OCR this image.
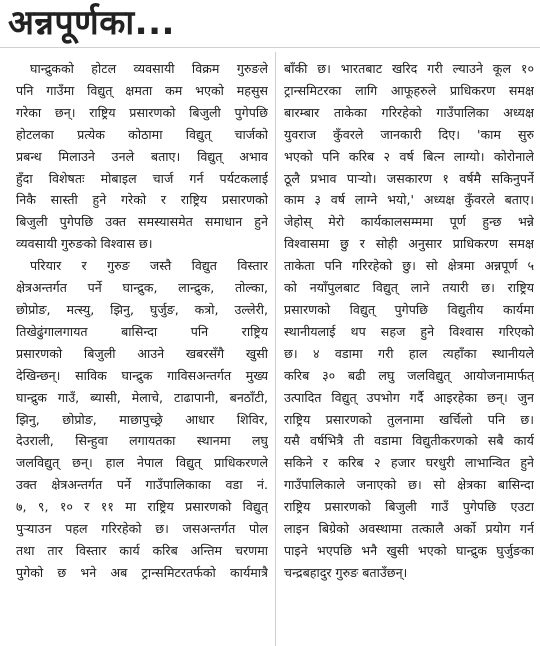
अन्नपूर्णका...
घान्द्रुकको होटल व्यवसायी विक्रम गुरुङले
पनि गाउँमा विद्युत् क्षमता कम भएको महसुस
गरेका छन्। राष्ट्रिय प्रसारणको बिजुली पुगेपछि
होटलका प्रत्येक कोठामा विद्युत् चार्जको
प्रबन्ध मिलाउने उनले बताए। विद्युत् अभाव
हुँदा विशेषतः मोबाइल चार्ज गर्न पर्यटकलाई
निकै सास्ती हुने गरेको र राष्ट्रिय प्रसारणको
बिजुली पुगेपछि उक्त समस्यासमेत समाधान हुने
व्यवसायी गुरुङको विश्वास छ।
परियार र गुरुङ जस्तै विद्युत विस्तार
क्षेत्रअन्तर्गत पर्ने घान्द्रुक, लान्द्रुक, तोल्का,
छोप्रोङ, मत्स्यु, झिनु, घुर्जुङ, कत्रो, उल्लेरी,
तिखेढुंगालगायत बासिन्दा पनि राष्ट्रिय
प्रसारणको बिजुली आउने खबरसँगै खुसी
देखिन्छन्। साविक घान्द्रुक गाविसअन्तर्गत मुख्य
घान्द्रुक गाउँ, ब्यासी, मेलाचे, टाढापानी, बनठाँटी,
झिनु, छोप्रोङ, माछापुच्छ्रे आधार शिविर,
देउराली, सिन्हुवा लगायतका स्थानमा लघु
जलविद्युत् छन्। हाल नेपाल विद्युत् प्राधिकरणले
उक्त क्षेत्रअन्तर्गत पर्ने गाउँपालिकाका वडा नं.
७, ९, १० र ११ मा राष्ट्रिय प्रसारणको विद्युत्
पुऱ्याउन पहल गरिरहेको छ। जसअन्तर्गत पोल
तथा तार विस्तार कार्य करिब अन्तिम चरणमा
पुगेको छ भने अब ट्रान्समिटरतर्फको कार्यमात्रै
बाँकी छ। भारतबाट खरिद गरी ल्याउने कूल १०
ट्रान्समिटरका लागि आफूहरुले प्राधिकरण समक्ष
बारम्बार ताकेका गरिरहेको गाउँपालिका अध्यक्ष
युवराज कुँवरले जानकारी दिए। 'काम सुरु
भएको पनि करिब २ वर्ष बित्न लाग्यो। कोरोनाले
ठूलै प्रभाव पाऱ्यो। जसकारण १ वर्षमै सकिनुपर्ने
काम ३ वर्ष लाग्ने भयो,' अध्यक्ष कुँवरले बताए।
जेहोस् मेरो कार्यकालसम्ममा पूर्ण हुन्छ भन्ने
विश्वासमा छु र सोही अनुसार प्राधिकरण समक्ष
ताकेता पनि गरिरहेको छु। सो क्षेत्रमा अन्नपूर्ण ५
को नयाँपुलबाट विद्युत् लाने तयारी छ। राष्ट्रिय
प्रसारणको विद्युत् पुगेपछि विद्युतीय कार्यमा
स्थानीयलाई थप सहज हुने विश्वास गरिएको
छ। ४ वडामा गरी हाल त्यहाँका स्थानीयले
करिब ३० बढी लघु जलविद्युत् आयोजनामार्फत्
उत्पादित विद्युत् उपभोग गर्दै आइरहेका छन्। जुन
राष्ट्रिय प्रसारणको तुलनामा खर्चिलो पनि छ।
यसै वर्षभित्रै ती वडामा विद्युतीकरणको सबै कार्य
सकिने र करिब २ हजार घरधुरी लाभान्वित हुने
गाउँपालिकाले जनाएको छ। सो क्षेत्रका बासिन्दा
राष्ट्रिय प्रसारणको बिजुली गाउँ पुगेपछि एउटा
लाइन बिग्रेको अवस्थामा तत्कालै अर्को प्रयोग गर्न
पाइने भएपछि भनै खुसी भएको घान्द्रुक घुर्जुङका
चन्द्रबहादुर गुरुङ बताउँछन्।
